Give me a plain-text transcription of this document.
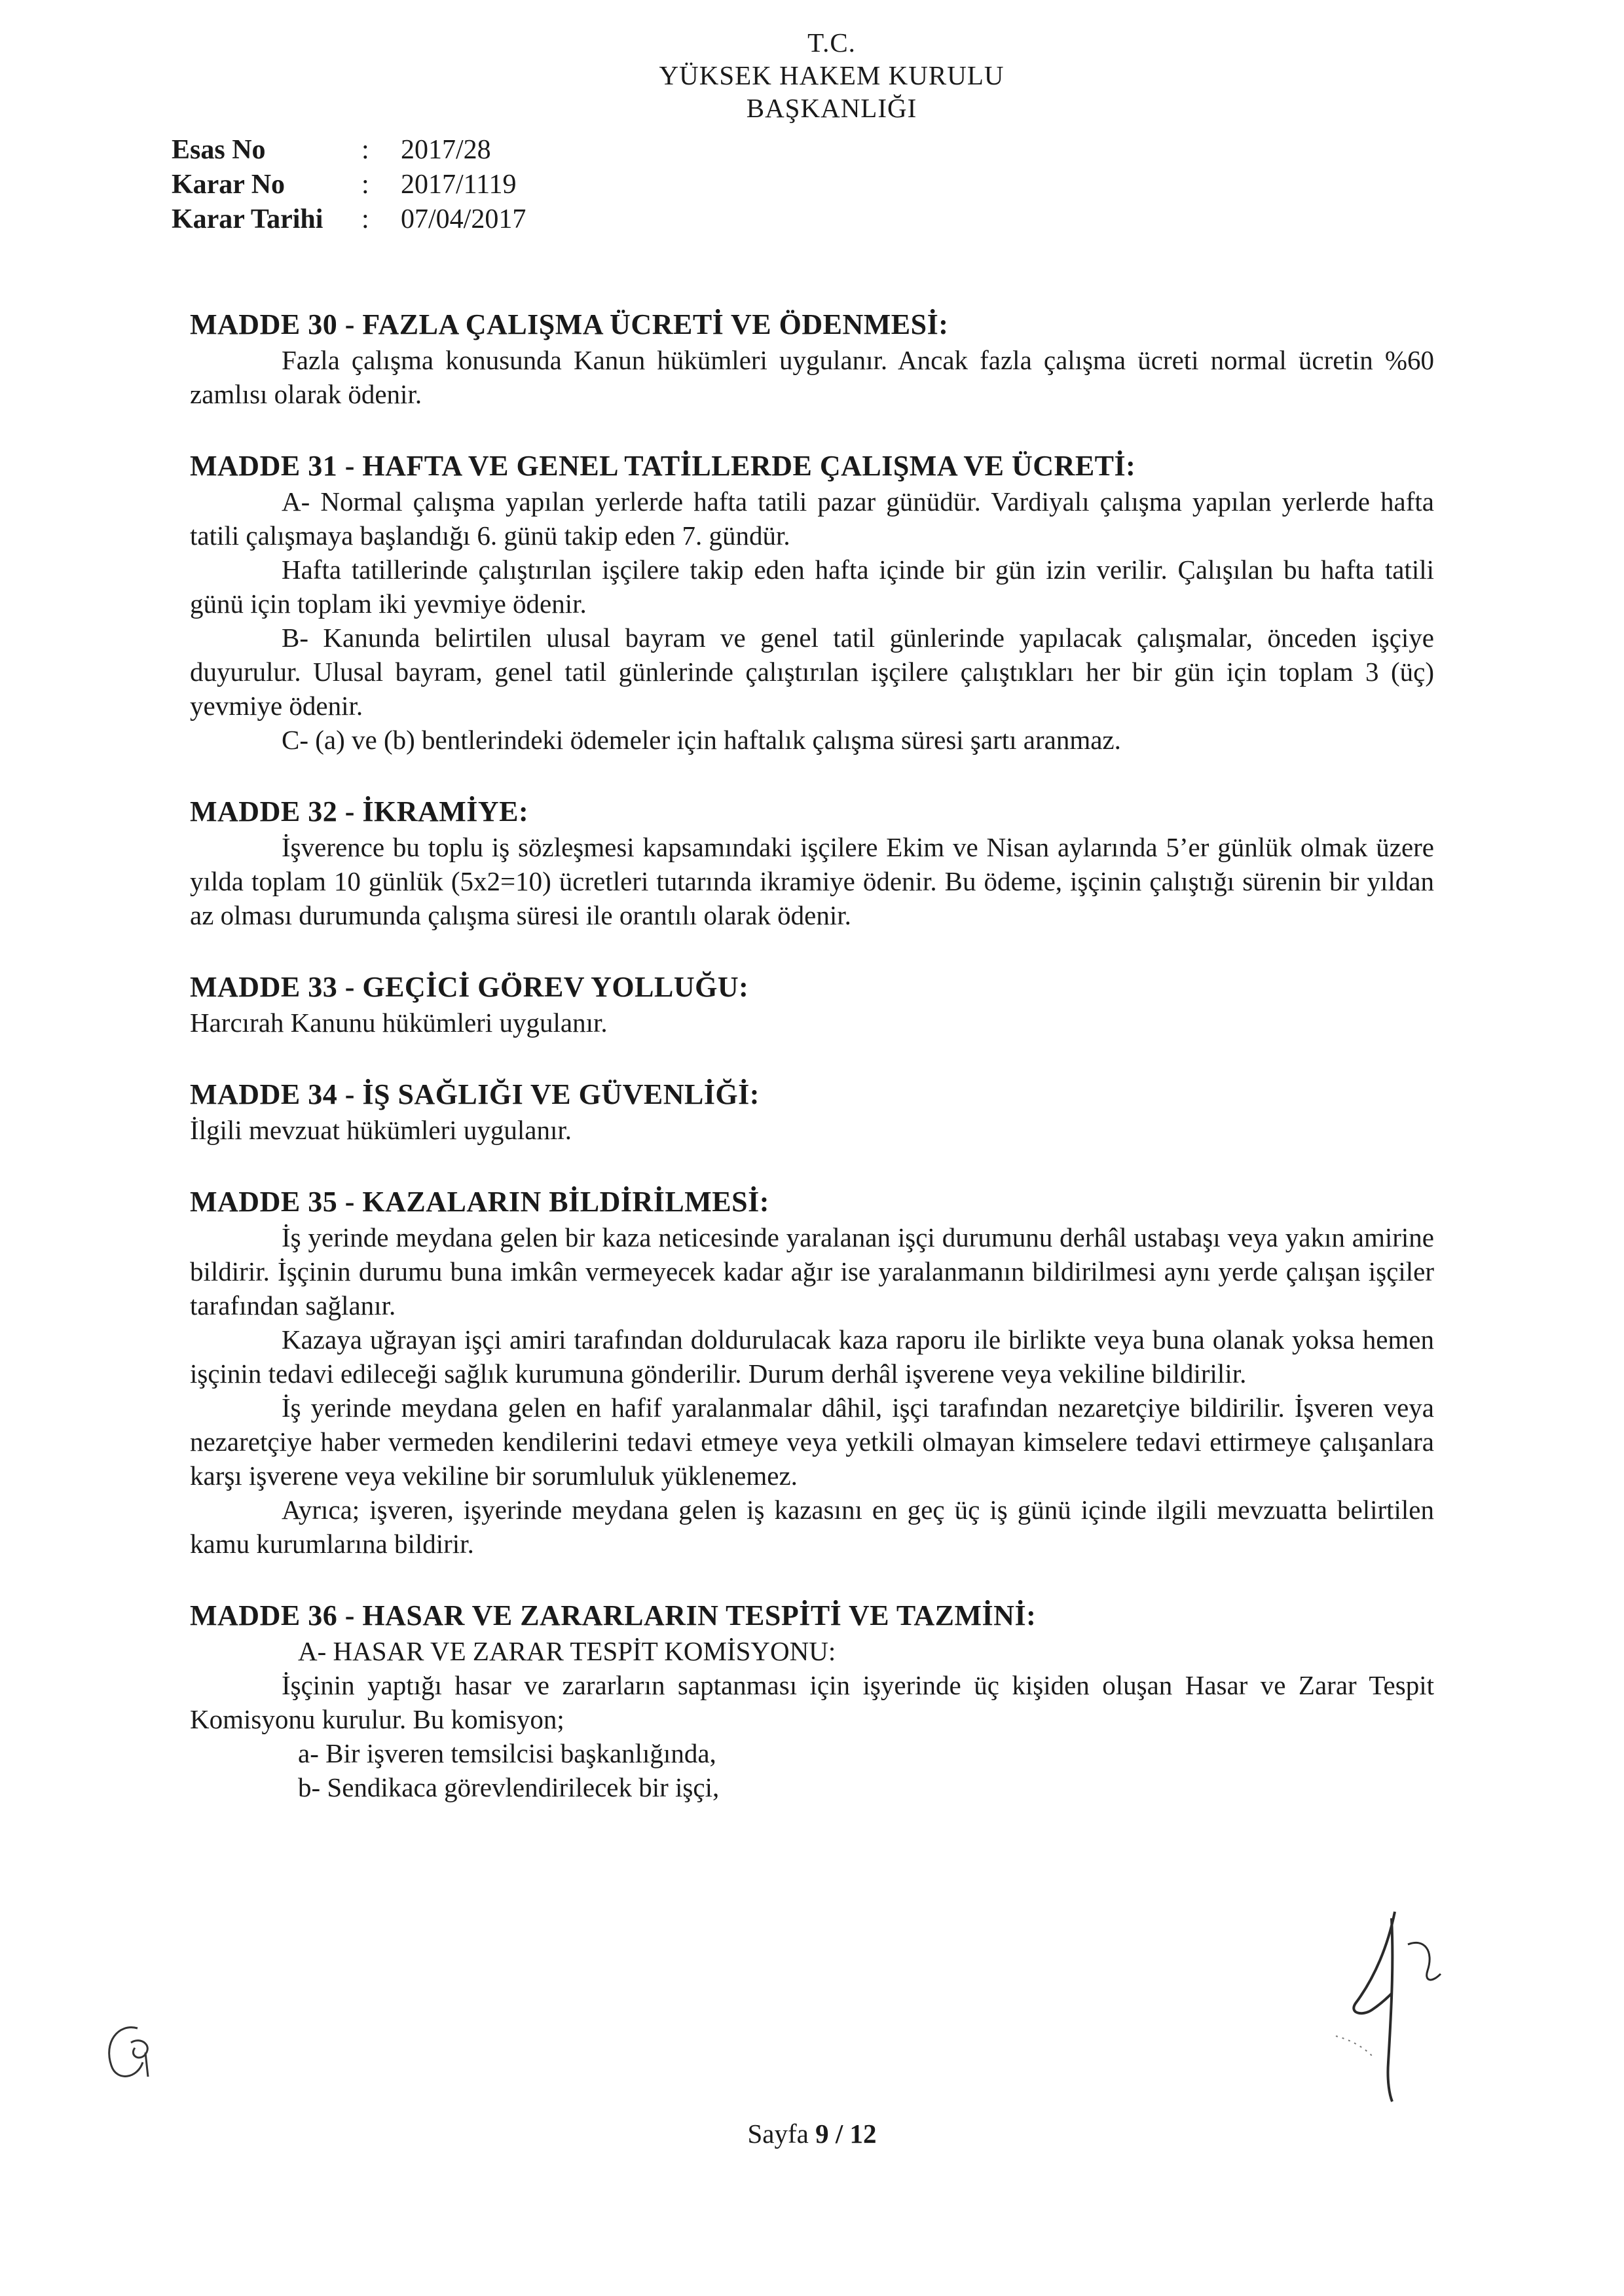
T.C.
YÜKSEK HAKEM KURULU
BAŞKANLIĞI
Esas No	:	2017/28
Karar No	:	2017/1119
Karar Tarihi	:	07/04/2017
MADDE 30 - FAZLA ÇALIŞMA ÜCRETİ VE ÖDENMESİ:
Fazla çalışma konusunda Kanun hükümleri uygulanır. Ancak fazla çalışma ücreti normal ücretin %60 zamlısı olarak ödenir.
MADDE 31 - HAFTA VE GENEL TATİLLERDE ÇALIŞMA VE ÜCRETİ:
A- Normal çalışma yapılan yerlerde hafta tatili pazar günüdür. Vardiyalı çalışma yapılan yerlerde hafta tatili çalışmaya başlandığı 6. günü takip eden 7. gündür.
Hafta tatillerinde çalıştırılan işçilere takip eden hafta içinde bir gün izin verilir. Çalışılan bu hafta tatili günü için toplam iki yevmiye ödenir.
B- Kanunda belirtilen ulusal bayram ve genel tatil günlerinde yapılacak çalışmalar, önceden işçiye duyurulur. Ulusal bayram, genel tatil günlerinde çalıştırılan işçilere çalıştıkları her bir gün için toplam 3 (üç) yevmiye ödenir.
C- (a) ve (b) bentlerindeki ödemeler için haftalık çalışma süresi şartı aranmaz.
MADDE 32 - İKRAMİYE:
İşverence bu toplu iş sözleşmesi kapsamındaki işçilere Ekim ve Nisan aylarında 5’er günlük olmak üzere yılda toplam 10 günlük (5x2=10) ücretleri tutarında ikramiye ödenir. Bu ödeme, işçinin çalıştığı sürenin bir yıldan az olması durumunda çalışma süresi ile orantılı olarak ödenir.
MADDE 33 - GEÇİCİ GÖREV YOLLUĞU:
Harcırah Kanunu hükümleri uygulanır.
MADDE 34 - İŞ SAĞLIĞI VE GÜVENLİĞİ:
İlgili mevzuat hükümleri uygulanır.
MADDE 35 - KAZALARIN BİLDİRİLMESİ:
İş yerinde meydana gelen bir kaza neticesinde yaralanan işçi durumunu derhâl ustabaşı veya yakın amirine bildirir. İşçinin durumu buna imkân vermeyecek kadar ağır ise yaralanmanın bildirilmesi aynı yerde çalışan işçiler tarafından sağlanır.
Kazaya uğrayan işçi amiri tarafından doldurulacak kaza raporu ile birlikte veya buna olanak yoksa hemen işçinin tedavi edileceği sağlık kurumuna gönderilir. Durum derhâl işverene veya vekiline bildirilir.
İş yerinde meydana gelen en hafif yaralanmalar dâhil, işçi tarafından nezaretçiye bildirilir. İşveren veya nezaretçiye haber vermeden kendilerini tedavi etmeye veya yetkili olmayan kimselere tedavi ettirmeye çalışanlara karşı işverene veya vekiline bir sorumluluk yüklenemez.
Ayrıca; işveren, işyerinde meydana gelen iş kazasını en geç üç iş günü içinde ilgili mevzuatta belirtilen kamu kurumlarına bildirir.
MADDE 36 - HASAR VE ZARARLARIN TESPİTİ VE TAZMİNİ:
A- HASAR VE ZARAR TESPİT KOMİSYONU:
İşçinin yaptığı hasar ve zararların saptanması için işyerinde üç kişiden oluşan Hasar ve Zarar Tespit Komisyonu kurulur. Bu komisyon;
a- Bir işveren temsilcisi başkanlığında,
b- Sendikaca görevlendirilecek bir işçi,
Sayfa 9 / 12
